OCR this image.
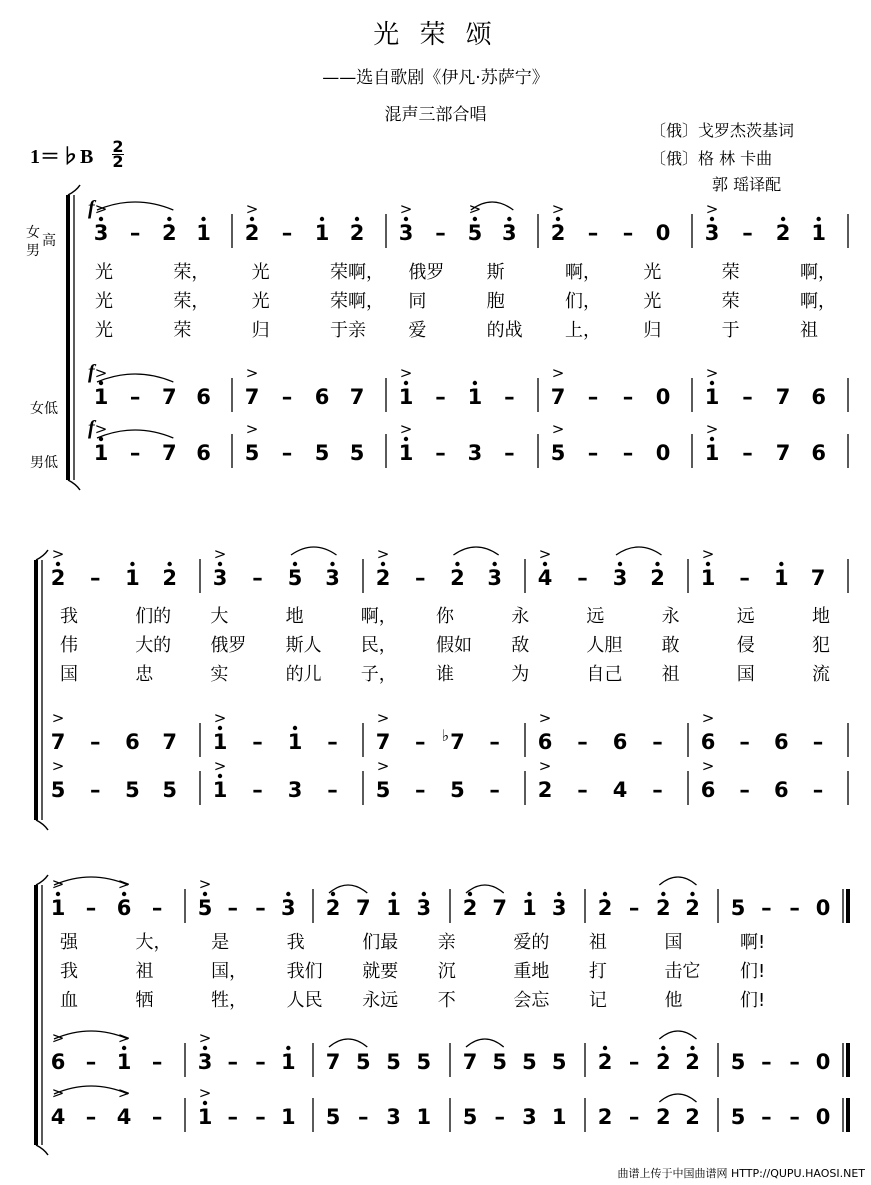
光 荣 颂
——选自歌剧《伊凡·苏萨宁》
混声三部合唱
〔俄〕戈罗杰茨基词
〔俄〕格 林 卡曲
郭 瑶译配
1＝♭B 2
2
女
男
高
女低
男低
3
>
– 2 1 2
>
– 1 2 3
>
– 5
>
3 2
>
– – 0 3
>
– 2 1
1
>
– 7 6 7
>
– 6 7 1
>
– 1 – 7
>
– – 0 1
>
– 7 6
1
>
– 7 6 5
>
– 5 5 1
>
– 3 – 5
>
– – 0 1
>
– 7 6
2
>
– 1 2 3
>
– 5 3 2
>
– 2 3 4
>
– 3 2 1
>
– 1 7
7
>
– 6 7 1
>
– 1 – 7
>
– 7
♭ – 6
>
– 6 – 6
>
– 6 –
5
>
– 5 5 1
>
– 3 – 5
>
– 5 – 2
>
– 4 – 6
>
– 6 –
1
>
– 6
>
– 5
>
– – 3 2 7 1 3 2 7 1 3 2 – 2 2 5 – – 0
6
>
– 1
>
– 3
>
– – 1 7 5 5 5 7 5 5 5 2 – 2 2 5 – – 0
4
>
– 4
>
– 1
>
– – 1 5 – 3 1 5 – 3 1 2 – 2 2 5 – – 0
f
f
f
光	荣， 光	荣啊， 俄罗 斯	啊， 光	荣	啊，
光	荣， 光	荣啊， 同	胞	们， 光	荣	啊，
光	荣	归	于亲 爱	的战 上， 归	于	祖
我	们的 大	地	啊， 你	永	远	永	远	地
伟	大的 俄罗 斯人 民， 假如 敌	人胆 敢	侵	犯
国	忠	实	的儿 子， 谁	为	自己 祖	国	流
强	大， 是	我	们最 亲	爱的 祖	国	啊!
我	祖	国， 我们 就要 沉	重地 打	击它 们!
血	牺	牲， 人民 永远 不	会忘 记	他	们!
曲谱上传于中国曲谱网 HTTP://QUPU.HAOSI.NET
